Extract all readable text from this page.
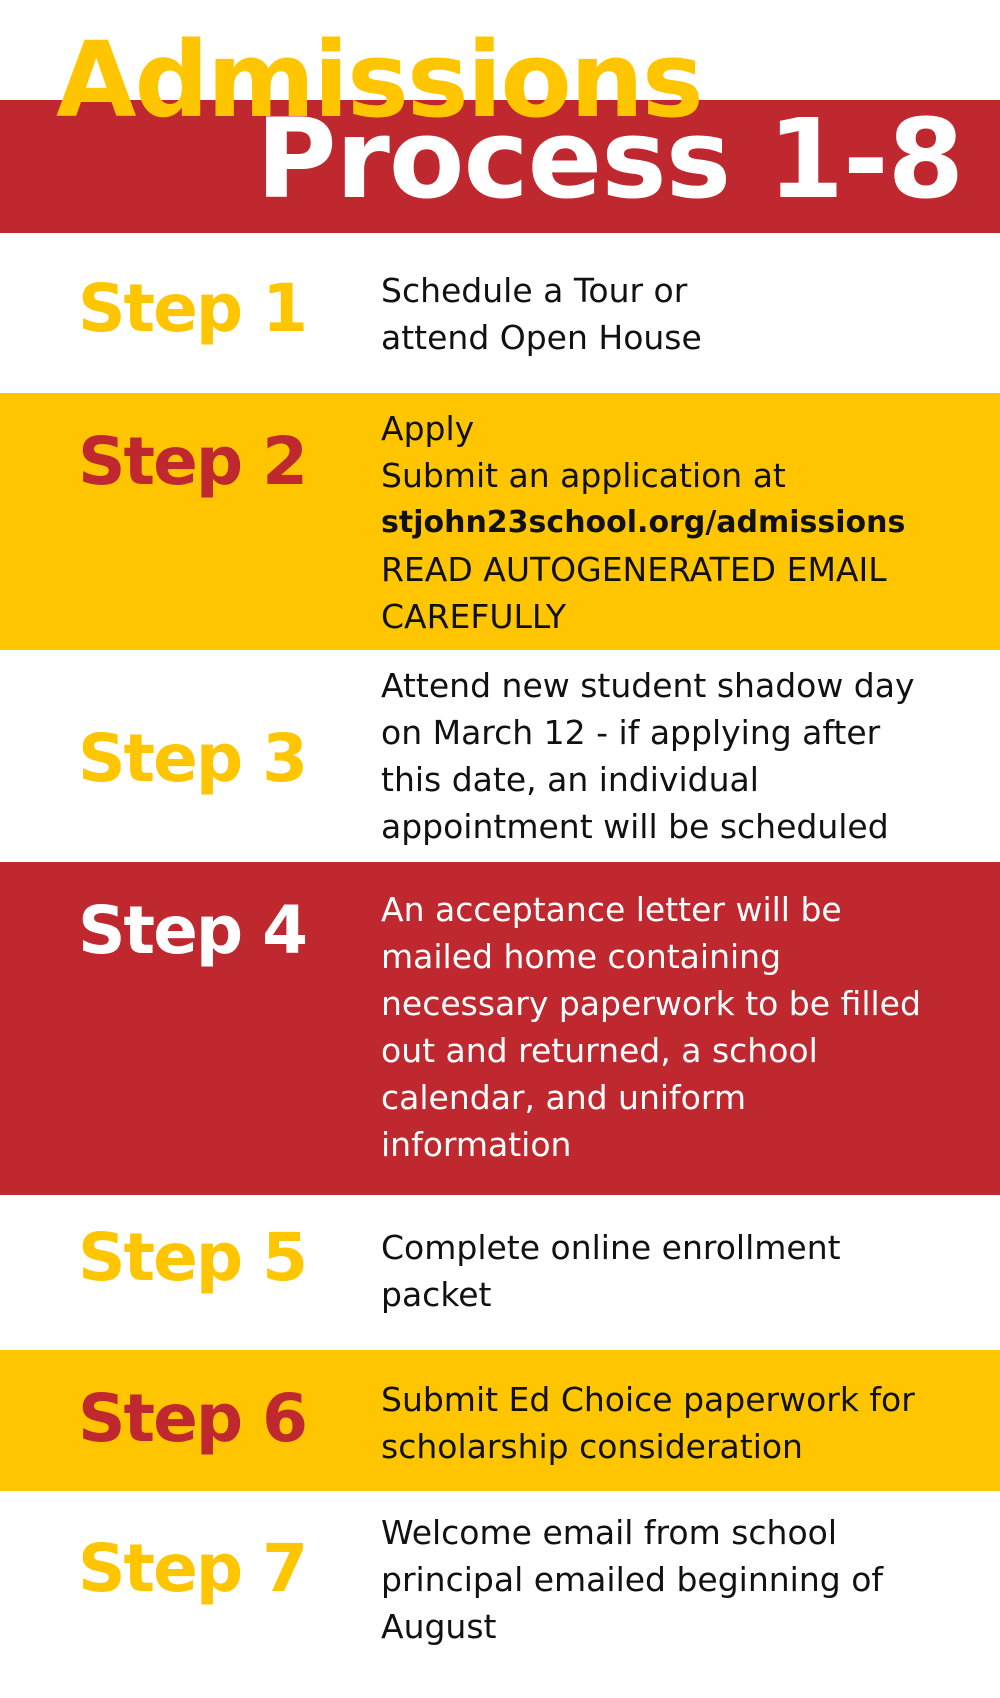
Admissions
Process 1-8
Step 1 Schedule a Tour or
attend Open House
Step 2 Apply
Submit an application at
stjohn23school.org/admissions
READ AUTOGENERATED EMAIL
CAREFULLY
Step 3
Attend new student shadow day
on March 12 - if applying after
this date, an individual
appointment will be scheduled
Step 4 An acceptance letter will be
mailed home containing
necessary paperwork to be filled
out and returned, a school
calendar, and uniform
information
Step 5 Complete online enrollment
packet
Step 6 Submit Ed Choice paperwork for
scholarship consideration
Step 7 Welcome email from school
principal emailed beginning of
August
